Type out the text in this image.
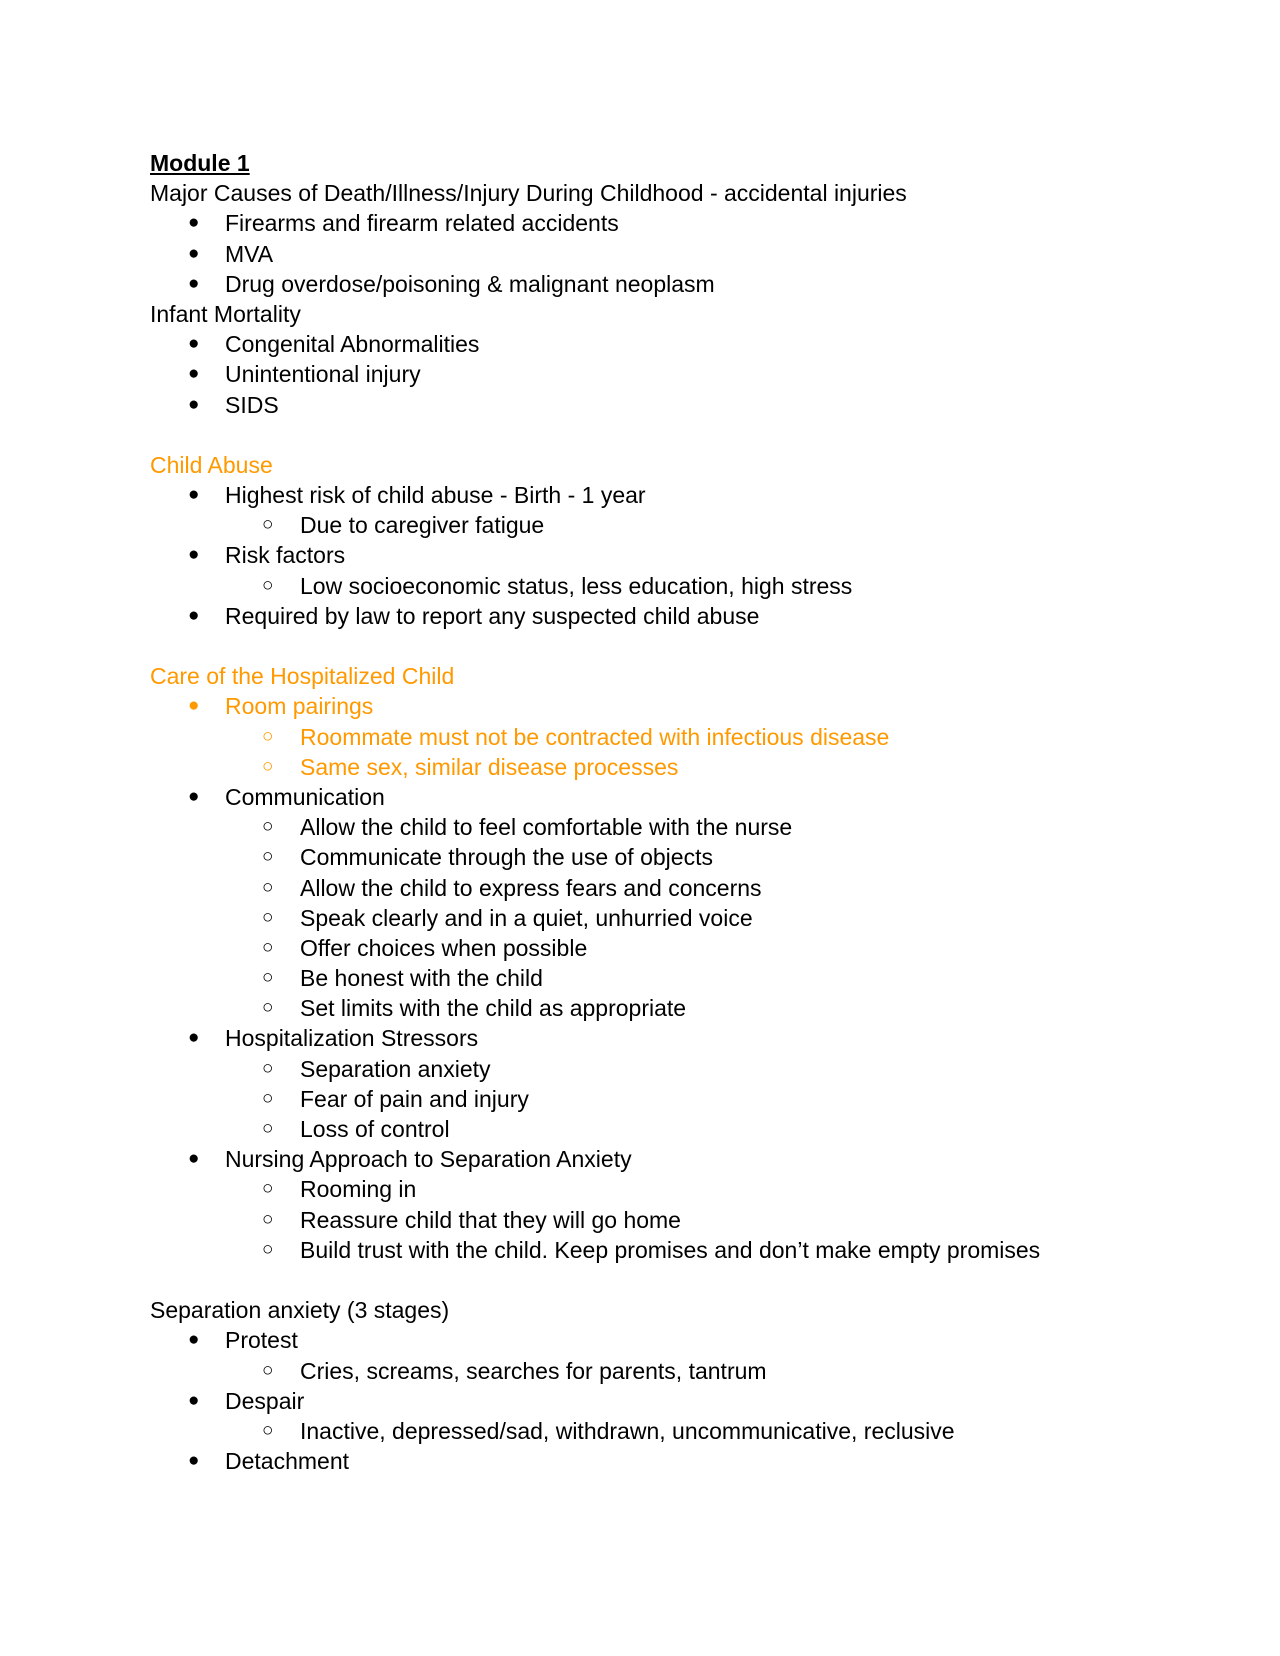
Module 1
Major Causes of Death/Illness/Injury During Childhood - accidental injuries
● Firearms and firearm related accidents
● MVA
● Drug overdose/poisoning & malignant neoplasm
Infant Mortality
● Congenital Abnormalities
● Unintentional injury
● SIDS
Child Abuse
● Highest risk of child abuse - Birth - 1 year
○ Due to caregiver fatigue
● Risk factors
○ Low socioeconomic status, less education, high stress
● Required by law to report any suspected child abuse
Care of the Hospitalized Child
● Room pairings
○ Roommate must not be contracted with infectious disease
○ Same sex, similar disease processes
● Communication
○ Allow the child to feel comfortable with the nurse
○ Communicate through the use of objects
○ Allow the child to express fears and concerns
○ Speak clearly and in a quiet, unhurried voice
○ Offer choices when possible
○ Be honest with the child
○ Set limits with the child as appropriate
● Hospitalization Stressors
○ Separation anxiety
○ Fear of pain and injury
○ Loss of control
● Nursing Approach to Separation Anxiety
○ Rooming in
○ Reassure child that they will go home
○ Build trust with the child. Keep promises and don’t make empty promises
Separation anxiety (3 stages)
● Protest
○ Cries, screams, searches for parents, tantrum
● Despair
○ Inactive, depressed/sad, withdrawn, uncommunicative, reclusive
● Detachment
